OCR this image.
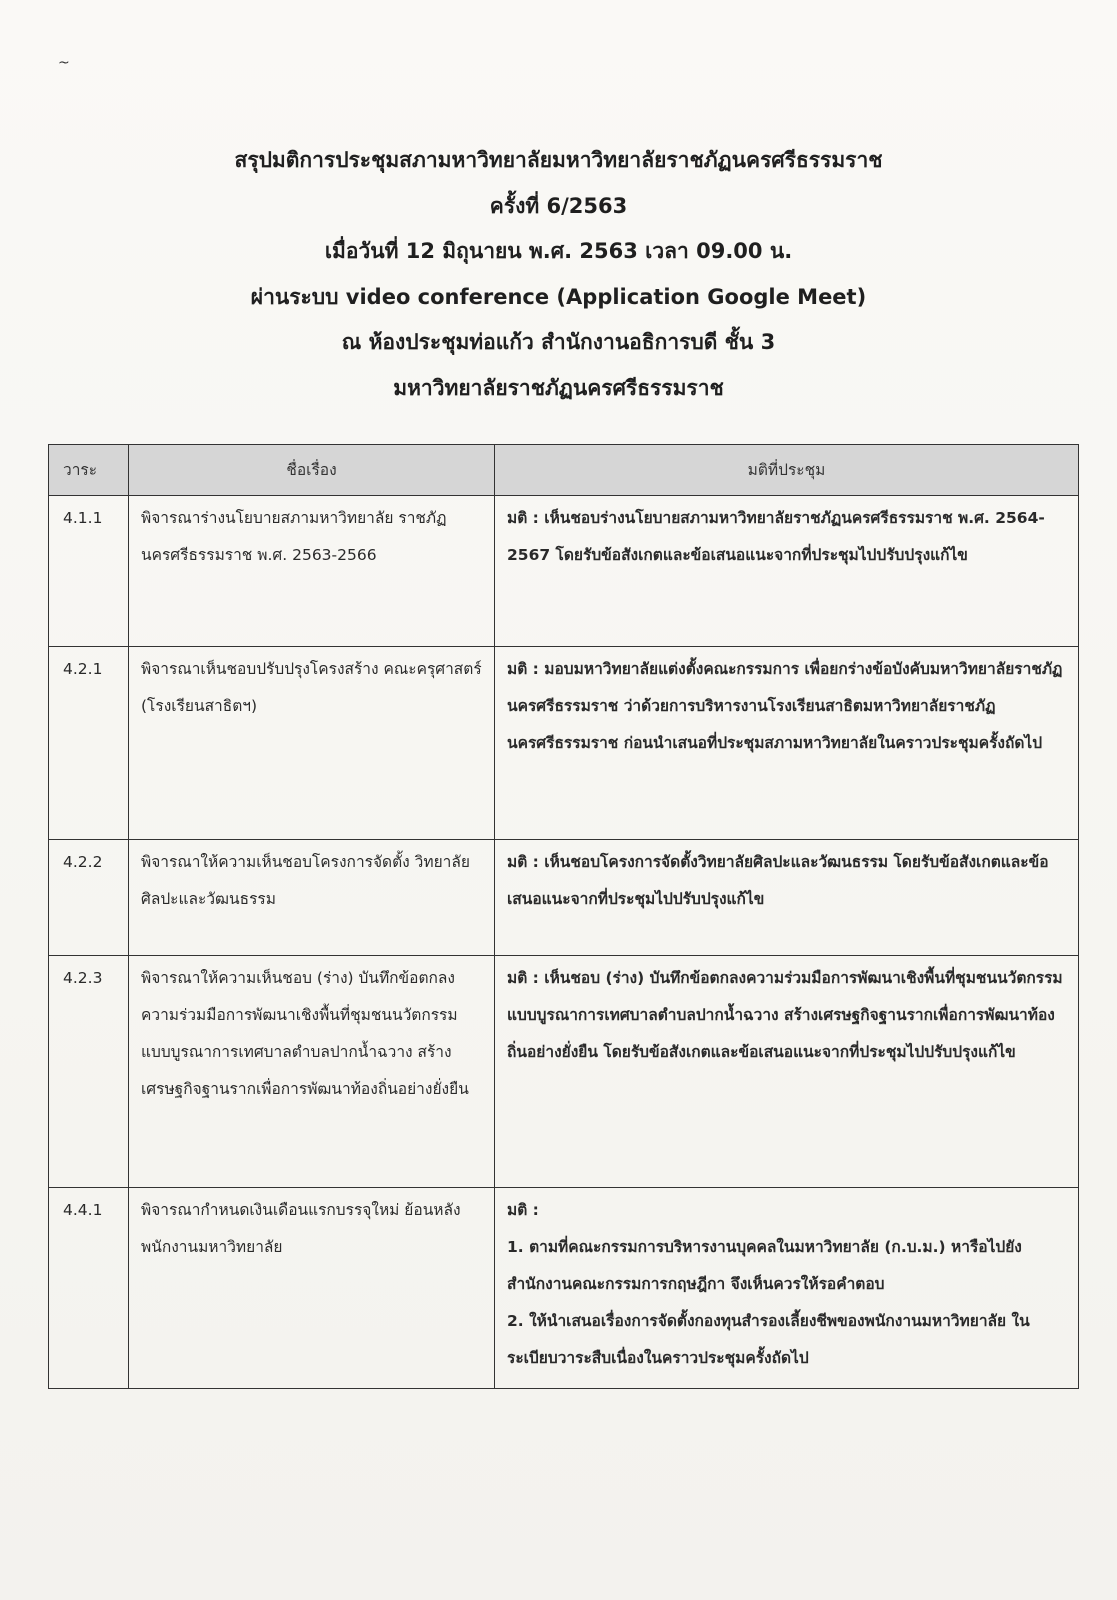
~
สรุปมติการประชุมสภามหาวิทยาลัยมหาวิทยาลัยราชภัฏนครศรีธรรมราช
ครั้งที่ 6/2563
เมื่อวันที่ 12 มิถุนายน พ.ศ. 2563 เวลา 09.00 น.
ผ่านระบบ video conference (Application Google Meet)
ณ ห้องประชุมท่อแก้ว สำนักงานอธิการบดี ชั้น 3
มหาวิทยาลัยราชภัฏนครศรีธรรมราช
วาระ	ชื่อเรื่อง	มติที่ประชุม
4.1.1	พิจารณาร่างนโยบายสภามหาวิทยาลัย ราชภัฏนครศรีธรรมราช พ.ศ. 2563-2566	มติ : เห็นชอบร่างนโยบายสภามหาวิทยาลัยราชภัฏนครศรีธรรมราช พ.ศ. 2564-2567 โดยรับข้อสังเกตและข้อเสนอแนะจากที่ประชุมไปปรับปรุงแก้ไข

4.2.1	พิจารณาเห็นชอบปรับปรุงโครงสร้าง คณะครุศาสตร์ (โรงเรียนสาธิตฯ)	มติ : มอบมหาวิทยาลัยแต่งตั้งคณะกรรมการ เพื่อยกร่างข้อบังคับมหาวิทยาลัยราชภัฏนครศรีธรรมราช ว่าด้วยการบริหารงานโรงเรียนสาธิตมหาวิทยาลัยราชภัฏนครศรีธรรมราช ก่อนนำเสนอที่ประชุมสภามหาวิทยาลัยในคราวประชุมครั้งถัดไป

4.2.2	พิจารณาให้ความเห็นชอบโครงการจัดตั้ง วิทยาลัยศิลปะและวัฒนธรรม	มติ : เห็นชอบโครงการจัดตั้งวิทยาลัยศิลปะและวัฒนธรรม โดยรับข้อสังเกตและข้อเสนอแนะจากที่ประชุมไปปรับปรุงแก้ไข

4.2.3	พิจารณาให้ความเห็นชอบ (ร่าง) บันทึกข้อตกลงความร่วมมือการพัฒนาเชิงพื้นที่ชุมชนนวัตกรรมแบบบูรณาการเทศบาลตำบลปากน้ำฉวาง สร้างเศรษฐกิจฐานรากเพื่อการพัฒนาท้องถิ่นอย่างยั่งยืน	มติ : เห็นชอบ (ร่าง) บันทึกข้อตกลงความร่วมมือการพัฒนาเชิงพื้นที่ชุมชนนวัตกรรมแบบบูรณาการเทศบาลตำบลปากน้ำฉวาง สร้างเศรษฐกิจฐานรากเพื่อการพัฒนาท้องถิ่นอย่างยั่งยืน โดยรับข้อสังเกตและข้อเสนอแนะจากที่ประชุมไปปรับปรุงแก้ไข

4.4.1	พิจารณากำหนดเงินเดือนแรกบรรจุใหม่ ย้อนหลังพนักงานมหาวิทยาลัย	มติ :
1. ตามที่คณะกรรมการบริหารงานบุคคลในมหาวิทยาลัย (ก.บ.ม.) หารือไปยังสำนักงานคณะกรรมการกฤษฎีกา จึงเห็นควรให้รอคำตอบ
2. ให้นำเสนอเรื่องการจัดตั้งกองทุนสำรองเลี้ยงชีพของพนักงานมหาวิทยาลัย ในระเบียบวาระสืบเนื่องในคราวประชุมครั้งถัดไป
